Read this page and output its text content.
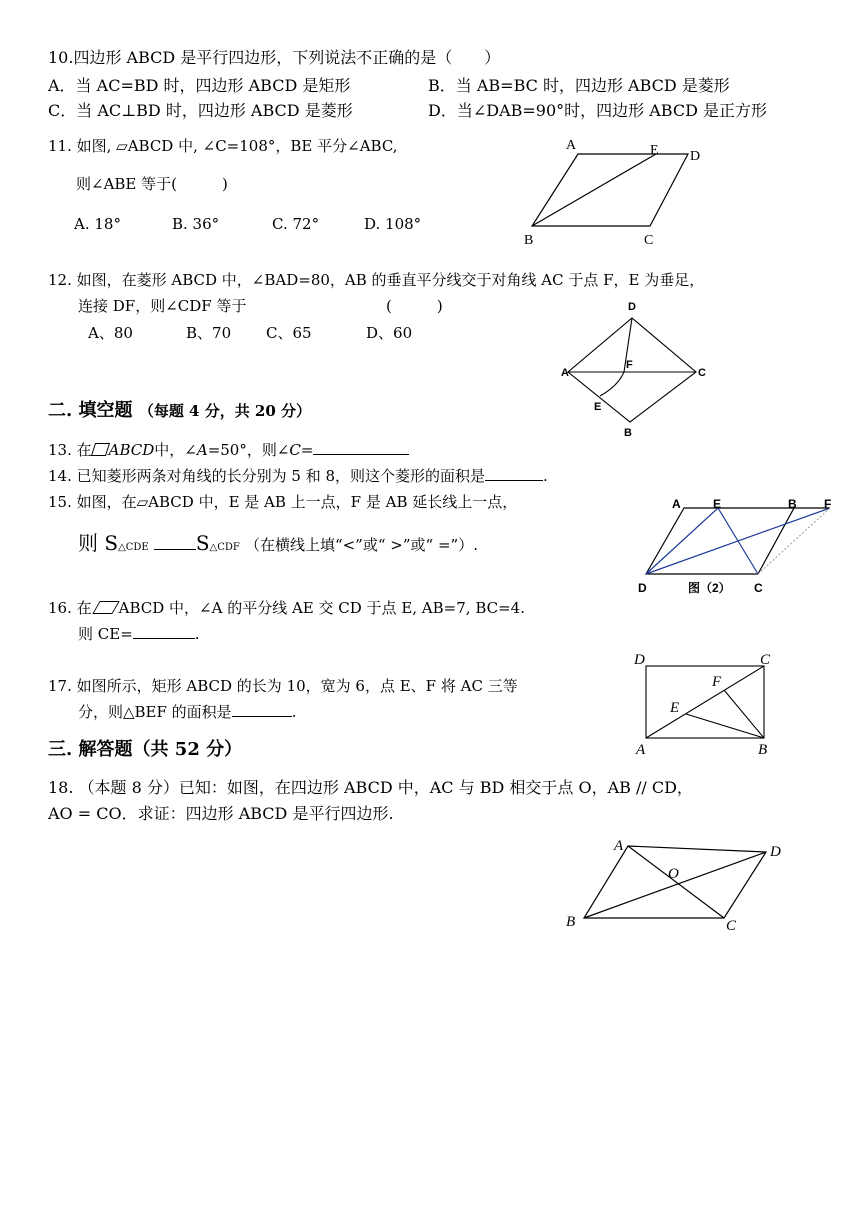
10.四边形 ABCD 是平行四边形，下列说法不正确的是（　　）
A．当 AC=BD 时，四边形 ABCD 是矩形	B．当 AB=BC 时，四边形 ABCD 是菱形
C．当 AC⊥BD 时，四边形 ABCD 是菱形	D．当∠DAB=90°时，四边形 ABCD 是正方形
11. 如图, ▱ABCD 中, ∠C=108°，BE 平分∠ABC,
则∠ABE 等于(　　　)
A. 18°	B. 36°	C. 72°	D. 108°
A	E D
B	C
12. 如图，在菱形 ABCD 中，∠BAD=80，AB 的垂直平分线交于对角线 AC 于点 F，E 为垂足，
连接 DF，则∠CDF 等于	(　　　)
A、80	B、70 C、65	D、60
D
A	C
F
E
B
二. 填空题 （每题 4 分，共 20 分）
13. 在 ABCD中，∠A=50°，则∠C=
14. 已知菱形两条对角线的长分别为 5 和 8，则这个菱形的面积是	.
15. 如图，在▱ABCD 中，E 是 AB 上一点，F 是 AB 延长线上一点，
则 S△CDE S△CDF （在横线上填“<”或“ >”或“ =”）.
A	E	B F
D	图（2） C
16. 在 ABCD 中，∠A 的平分线 AE 交 CD 于点 E, AB=7, BC=4.
则 CE=	.
17. 如图所示，矩形 ABCD 的长为 10，宽为 6，点 E、F 将 AC 三等
分，则△BEF 的面积是	.
D	C
F
E
A	B
三. 解答题（共 52 分）
18. （本题 8 分）已知：如图，在四边形 ABCD 中，AC 与 BD 相交于点 O，AB // CD，
AO = CO．求证：四边形 ABCD 是平行四边形.
A	D
O
B	C
